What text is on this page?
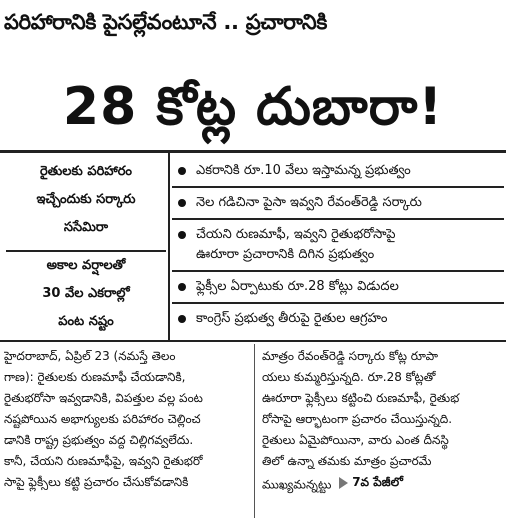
పరిహారానికి పైసల్లేవంటూనే .. ప్రచారానికి
28 కోట్ల దుబారా!
రైతులకు పరిహారం
ఇచ్చేందుకు సర్కారు
ససేమిరా
అకాల వర్షాలతో
30 వేల ఎకరాల్లో
పంట నష్టం
ఎకరానికి రూ.10 వేలు ఇస్తామన్న ప్రభుత్వం
నెల గడిచినా పైసా ఇవ్వని రేవంత్‌రెడ్డి సర్కారు
చేయని రుణమాఫీ, ఇవ్వని రైతుభరోసాపై
ఊరూరా ప్రచారానికి దిగిన ప్రభుత్వం
ఫ్లెక్సీల ఏర్పాటుకు రూ.28 కోట్లు విడుదల
కాంగ్రెస్ ప్రభుత్వ తీరుపై రైతుల ఆగ్రహం

హైదరాబాద్, ఏప్రిల్ 23 (నమస్తే తెలం

గాణ): రైతులకు రుణమాఫీ చేయడానికి,

రైతుభరోసా ఇవ్వడానికి, విపత్తుల వల్ల పంట

నష్టపోయిన అభాగ్యులకు పరిహారం చెల్లించ

డానికి రాష్ట్ర ప్రభుత్వం వద్ద చిల్లిగవ్వలేదు.

కానీ, చేయని రుణమాఫీపై, ఇవ్వని రైతుభరో

సాపై ఫ్లెక్సీలు కట్టి ప్రచారం చేసుకోవడానికి

మాత్రం రేవంత్‌రెడ్డి సర్కారు కోట్ల రూపా

యలు కుమ్మరిస్తున్నది. రూ.28 కోట్లతో

ఊరూరా ఫ్లెక్సీలు కట్టించి రుణమాఫీ, రైతుభ

రోసాపై ఆర్భాటంగా ప్రచారం చేయిస్తున్నది.

రైతులు ఏమైపోయినా, వారు ఎంత దీనస్థి

తిలో ఉన్నా తమకు మాత్రం ప్రచారమే

ముఖ్యమన్నట్టు 7వ పేజీలో
